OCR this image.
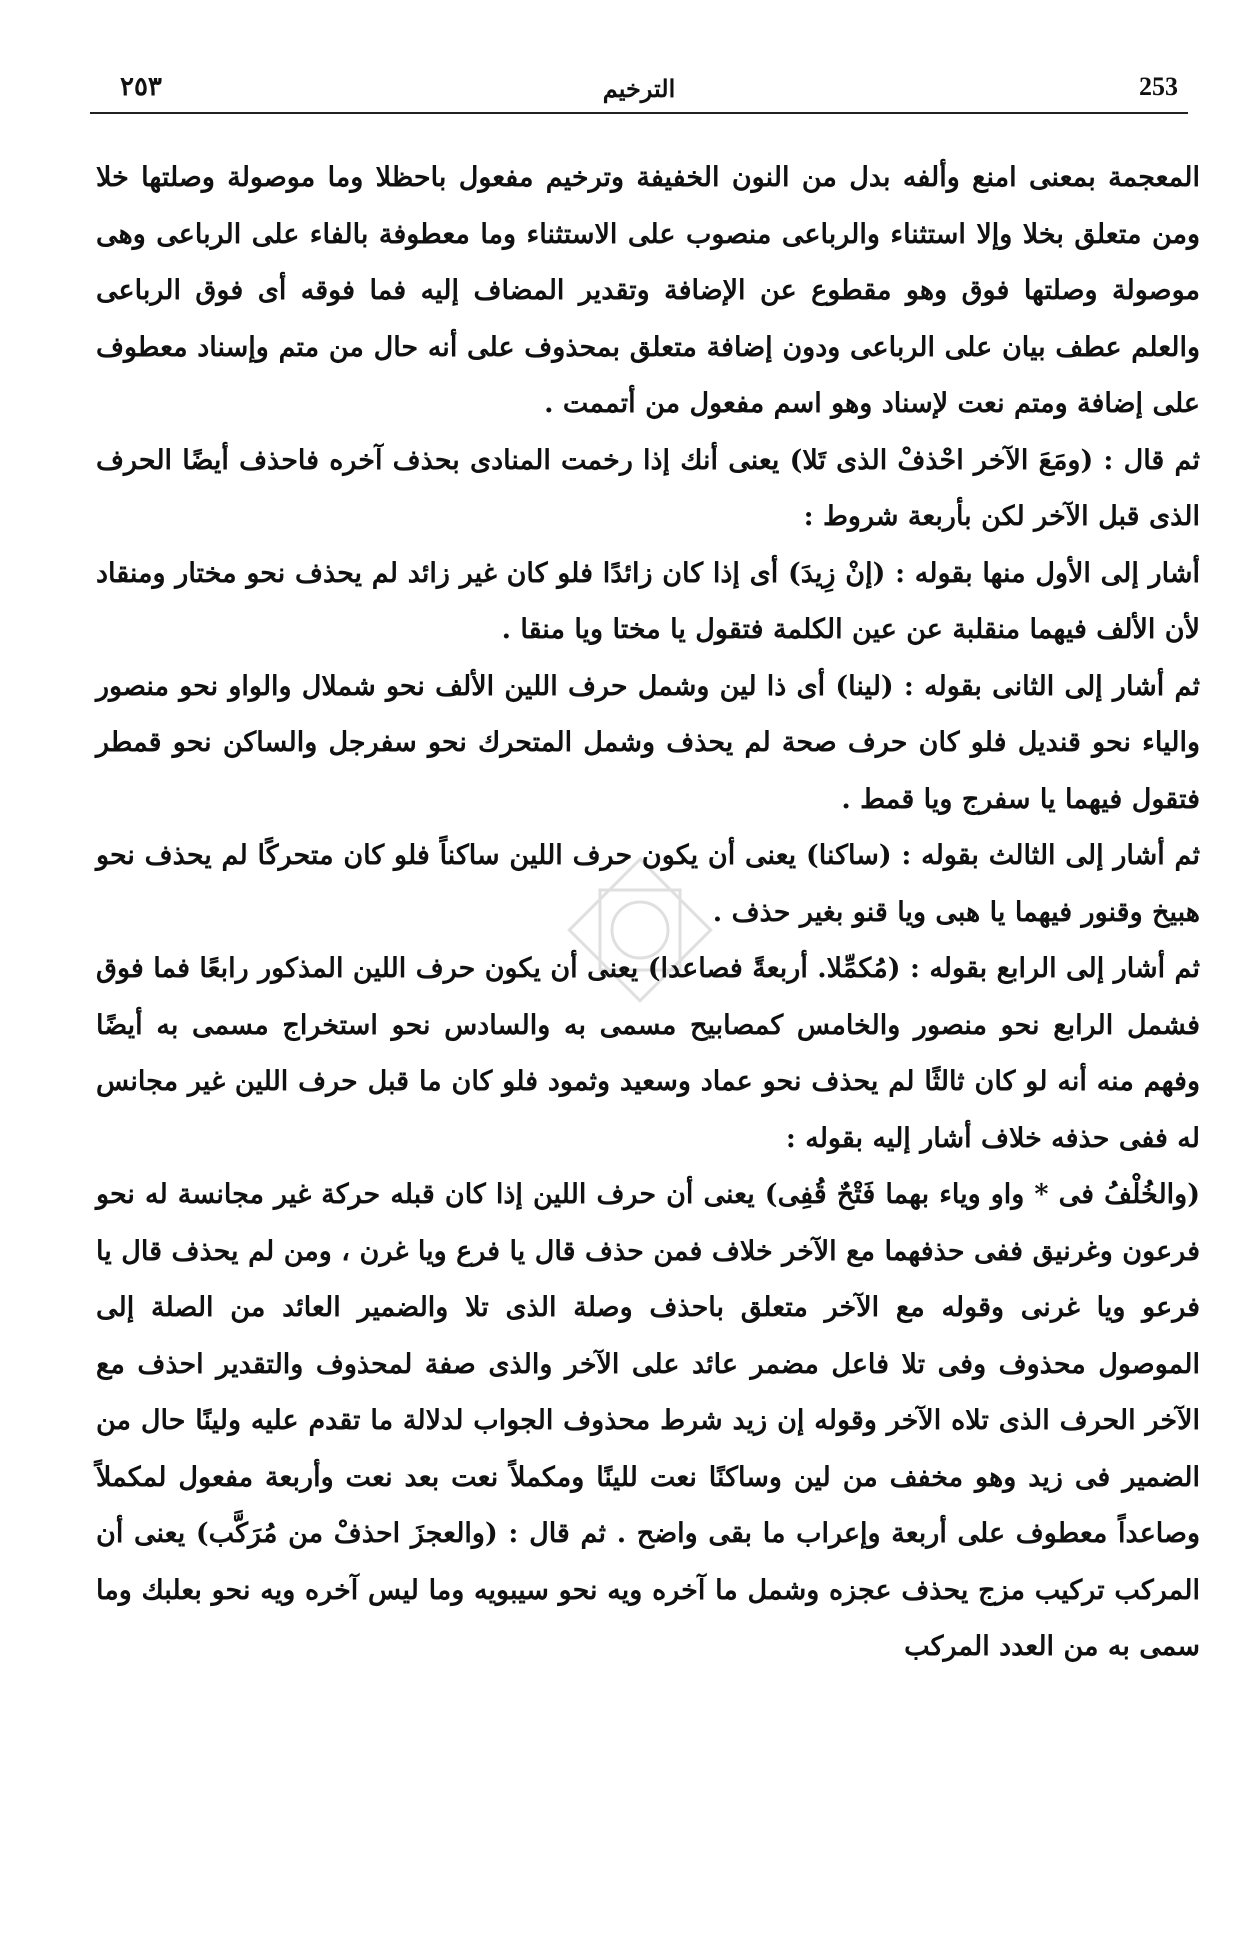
٢٥٣	الترخيم	253

المعجمة بمعنى امنع وألفه بدل من النون الخفيفة وترخيم مفعول باحظلا وما موصولة وصلتها خلا ومن متعلق بخلا وإلا استثناء والرباعى منصوب على الاستثناء وما معطوفة بالفاء على الرباعى وهى موصولة وصلتها فوق وهو مقطوع عن الإضافة وتقدير المضاف إليه فما فوقه أى فوق الرباعى والعلم عطف بيان على الرباعى ودون إضافة متعلق بمحذوف على أنه حال من متم وإسناد معطوف على إضافة ومتم نعت لإسناد وهو اسم مفعول من أتممت .

ثم قال : (ومَعَ الآخر احْذفْ الذى تَلا) يعنى أنك إذا رخمت المنادى بحذف آخره فاحذف أيضًا الحرف الذى قبل الآخر لكن بأربعة شروط :

أشار إلى الأول منها بقوله : (إنْ زِيدَ) أى إذا كان زائدًا فلو كان غير زائد لم يحذف نحو مختار ومنقاد لأن الألف فيهما منقلبة عن عين الكلمة فتقول يا مختا ويا منقا .

ثم أشار إلى الثانى بقوله : (لينا) أى ذا لين وشمل حرف اللين الألف نحو شملال والواو نحو منصور والياء نحو قنديل فلو كان حرف صحة لم يحذف وشمل المتحرك نحو سفرجل والساكن نحو قمطر فتقول فيهما يا سفرج ويا قمط .

ثم أشار إلى الثالث بقوله : (ساكنا) يعنى أن يكون حرف اللين ساكناً فلو كان متحركًا لم يحذف نحو هبيخ وقنور فيهما يا هبى ويا قنو بغير حذف .

ثم أشار إلى الرابع بقوله : (مُكمِّلا. أربعةً فصاعدا) يعنى أن يكون حرف اللين المذكور رابعًا فما فوق فشمل الرابع نحو منصور والخامس كمصابيح مسمى به والسادس نحو استخراج مسمى به أيضًا وفهم منه أنه لو كان ثالثًا لم يحذف نحو عماد وسعيد وثمود فلو كان ما قبل حرف اللين غير مجانس له ففى حذفه خلاف أشار إليه بقوله :

(والخُلْفُ فى * واو وياء بهما فَتْحٌ قُفِى) يعنى أن حرف اللين إذا كان قبله حركة غير مجانسة له نحو فرعون وغرنيق ففى حذفهما مع الآخر خلاف فمن حذف قال يا فرع ويا غرن ، ومن لم يحذف قال يا فرعو ويا غرنى وقوله مع الآخر متعلق باحذف وصلة الذى تلا والضمير العائد من الصلة إلى الموصول محذوف وفى تلا فاعل مضمر عائد على الآخر والذى صفة لمحذوف والتقدير احذف مع الآخر الحرف الذى تلاه الآخر وقوله إن زيد شرط محذوف الجواب لدلالة ما تقدم عليه ولينًا حال من الضمير فى زيد وهو مخفف من لين وساكنًا نعت للينًا ومكملاً نعت بعد نعت وأربعة مفعول لمكملاً وصاعداً معطوف على أربعة وإعراب ما بقى واضح . ثم قال : (والعجزَ احذفْ من مُرَكَّب) يعنى أن المركب تركيب مزج يحذف عجزه وشمل ما آخره ويه نحو سيبويه وما ليس آخره ويه نحو بعلبك وما سمى به من العدد المركب
